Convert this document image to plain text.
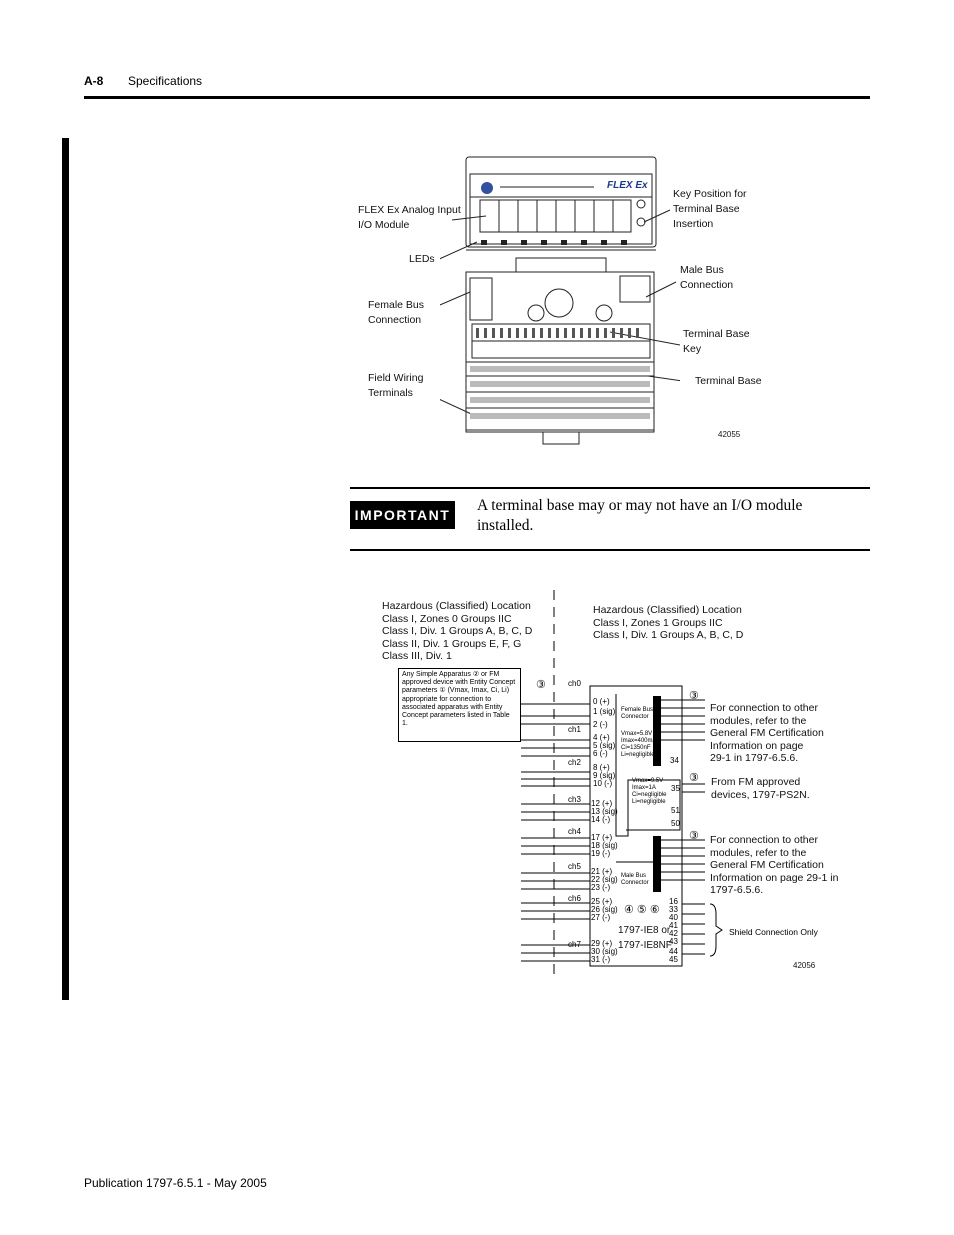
A-8 Specifications
FLEX Ex
FLEX Ex Analog Input
I/O Module
LEDs
Female Bus
Connection
Field Wiring
Terminals
Key Position for
Terminal Base
Insertion
Male Bus
Connection
Terminal Base
Key
Terminal Base
42055
IMPORTANT
A terminal base may or may not have an I/O module installed.
Hazardous (Classified) Location
Class I, Zones 0 Groups IIC
Class I, Div. 1 Groups A, B, C, D
Class II, Div. 1 Groups E, F, G
Class III, Div. 1
Hazardous (Classified) Location
Class I, Zones 1 Groups IIC
Class I, Div. 1 Groups A, B, C, D
Any Simple Apparatus ② or FM approved device with Entity Concept parameters ① (Vmax, Imax, Ci, Li) appropriate for connection to associated apparatus with Entity Concept parameters listed in Table 1.
③
③
③
③
ch0
ch1
ch2
ch3
ch4
ch5
ch6
ch7
0 (+)
1 (sig)
2 (-)
4 (+)
5 (sig)
6 (-)
8 (+)
9 (sig)
10 (-)
12 (+)
13 (sig)
14 (-)
17 (+)
18 (sig)
19 (-)
21 (+)
22 (sig)
23 (-)
25 (+)
26 (sig)
27 (-)
29 (+)
30 (sig)
31 (-)
34
35
51
50
16
33
40
41
42
43
44
45
Female Bus
Connector
Vmax=5.8V
Imax=400mA
Ci=1350nF
Li=negligible
Vmax=9.5V
Imax=1A
Ci=negligible
Li=negligible
Male Bus
Connector
④ ⑤ ⑥
1797-IE8 or
1797-IE8NF
For connection to other
modules, refer to the
General FM Certification
Information on page
29-1 in 1797-6.5.6.
From FM approved
devices, 1797-PS2N.
For connection to other
modules, refer to the
General FM Certification
Information on page 29-1 in
1797-6.5.6.
Shield Connection Only
42056
Publication 1797-6.5.1 - May 2005
